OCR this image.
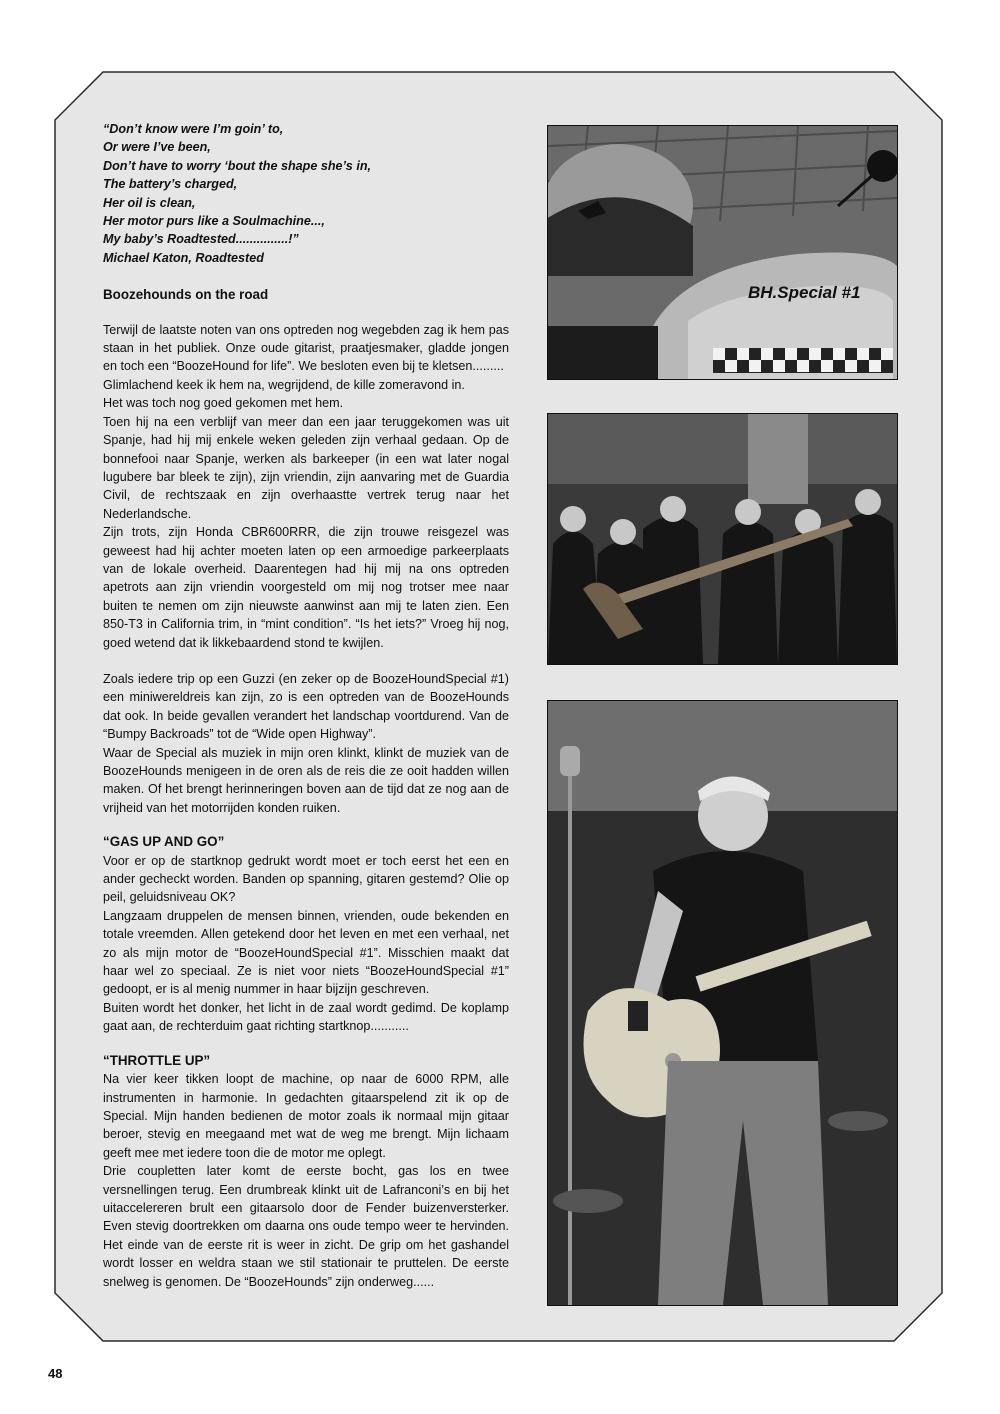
“Don’t know were I’m goin’ to,
Or were I’ve been,
Don’t have to worry ‘bout the shape she’s in,
The battery’s charged,
Her oil is clean,
Her motor purs like a Soulmachine...,
My baby’s Roadtested...............!”
Michael Katon, Roadtested
Boozehounds on the road

Terwijl de laatste noten van ons optreden nog wegebden zag ik hem pas staan in het publiek. Onze oude gitarist, praatjesmaker, gladde jongen en toch een “BoozeHound for life”. We besloten even bij te kletsen.........

Glimlachend keek ik hem na, wegrijdend, de kille zomeravond in.

Het was toch nog goed gekomen met hem.

Toen hij na een verblijf van meer dan een jaar teruggekomen was uit Spanje, had hij mij enkele weken geleden zijn verhaal gedaan. Op de bonnefooi naar Spanje, werken als barkeeper (in een wat later nogal lugubere bar bleek te zijn), zijn vriendin, zijn aanvaring met de Guardia Civil, de rechtszaak en zijn overhaastte vertrek terug naar het Nederlandsche.

Zijn trots, zijn Honda CBR600RRR, die zijn trouwe reisgezel was geweest had hij achter moeten laten op een armoedige parkeerplaats van de lokale overheid. Daarentegen had hij mij na ons optreden apetrots aan zijn vriendin voorgesteld om mij nog trotser mee naar buiten te nemen om zijn nieuwste aanwinst aan mij te laten zien. Een 850-T3 in California trim, in “mint condition”. “Is het iets?” Vroeg hij nog, goed wetend dat ik likkebaardend stond te kwijlen.

Zoals iedere trip op een Guzzi (en zeker op de BoozeHoundSpecial #1) een miniwereldreis kan zijn, zo is een optreden van de BoozeHounds dat ook. In beide gevallen verandert het landschap voortdurend. Van de “Bumpy Backroads” tot de “Wide open Highway”.

Waar de Special als muziek in mijn oren klinkt, klinkt de muziek van de BoozeHounds menigeen in de oren als de reis die ze ooit hadden willen maken. Of het brengt herinneringen boven aan de tijd dat ze nog aan de vrijheid van het motorrijden konden ruiken.

“GAS UP AND GO”

Voor er op de startknop gedrukt wordt moet er toch eerst het een en ander gecheckt worden. Banden op spanning, gitaren gestemd? Olie op peil, geluidsniveau OK?

Langzaam druppelen de mensen binnen, vrienden, oude bekenden en totale vreemden. Allen getekend door het leven en met een verhaal, net zo als mijn motor de “BoozeHoundSpecial #1”. Misschien maakt dat haar wel zo speciaal. Ze is niet voor niets “BoozeHoundSpecial #1” gedoopt, er is al menig nummer in haar bijzijn geschreven.

Buiten wordt het donker, het licht in de zaal wordt gedimd. De koplamp gaat aan, de rechterduim gaat richting startknop...........

“THROTTLE UP”

Na vier keer tikken loopt de machine, op naar de 6000 RPM, alle instrumenten in harmonie. In gedachten gitaarspelend zit ik op de Special. Mijn handen bedienen de motor zoals ik normaal mijn gitaar beroer, stevig en meegaand met wat de weg me brengt. Mijn lichaam geeft mee met iedere toon die de motor me oplegt.

Drie coupletten later komt de eerste bocht, gas los en twee versnellingen terug. Een drumbreak klinkt uit de Lafranconi’s en bij het uitaccelereren brult een gitaarsolo door de Fender buizenversterker. Even stevig doortrekken om daarna ons oude tempo weer te hervinden. Het einde van de eerste rit is weer in zicht. De grip om het gashandel wordt losser en weldra staan we stil stationair te pruttelen. De eerste snelweg is genomen. De “BoozeHounds” zijn onderweg......

BH.Special #1
48
